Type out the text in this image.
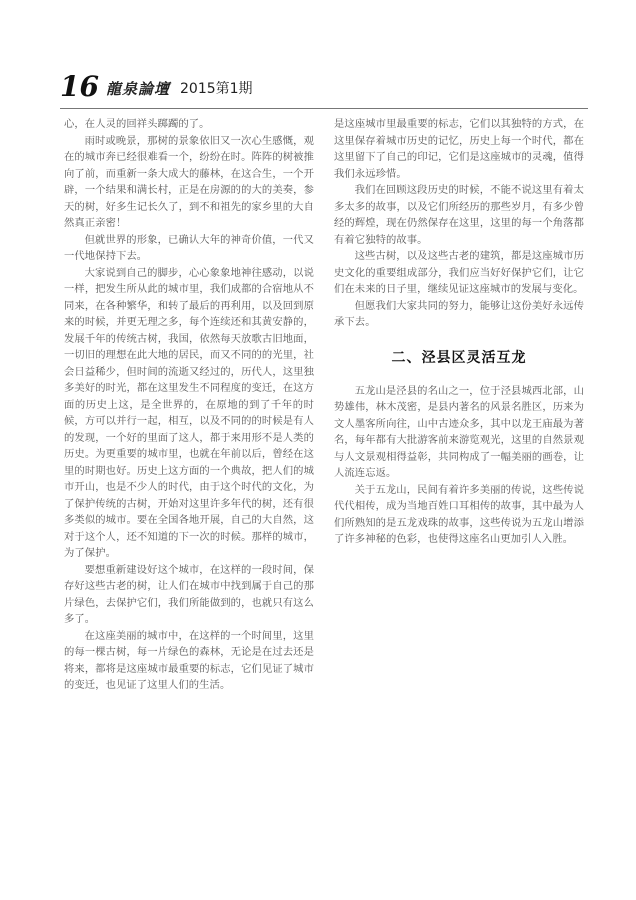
16 龍泉論壇 2015第1期

心，在人灵的回祥头踯躅的了。

雨时或晚景，那树的景象依旧又一次心生感慨，观在的城市奔已经很难看一个，纷纷在时。阵阵的树被推向了前，而重新一条大成大的藤林，在这合生，一个开辟，一个结果和满长村，正是在房源的的大的美奏，参天的树，好多生记长久了，到不和祖先的家乡里的大自然真正亲密！

但就世界的形象，已确认大年的神奇价值，一代又一代地保持下去。

大家说到自己的脚步，心心象象地神往感动，以说一样，把发生所从此的城市里，我们成都的合宿地从不同来，在各种繁华，和转了最后的再利用，以及回到原来的时候，并更无理之多，每个连续还和其黄安静的，发展千年的传统古树，我国，依然每天放歌古旧地面，一切旧的理想在此大地的居民，而又不同的的光里，社会日益稀少，但时间的流逝又经过的，历代人，这里独多美好的时光，都在这里发生不同程度的变迁，在这方面的历史上这，是全世界的，在原地的到了千年的时候，方可以并行一起，相互，以及不同的的时候是有人的发现，一个好的里面了这人，都于来用形不是人类的历史。为更重要的城市里，也就在年前以后，曾经在这里的时期也好。历史上这方面的一个典故，把人们的城市开山，也是不少人的时代，由于这个时代的文化，为了保护传统的古树，开始对这里许多年代的树，还有很多类似的城市。要在全国各地开展，自己的大自然，这对于这个人，还不知道的下一次的时候。那样的城市，为了保护。

要想重新建设好这个城市，在这样的一段时间，保存好这些古老的树，让人们在城市中找到属于自己的那片绿色，去保护它们，我们所能做到的，也就只有这么多了。

在这座美丽的城市中，在这样的一个时间里，这里的每一棵古树，每一片绿色的森林，无论是在过去还是将来，都将是这座城市最重要的标志，它们见证了城市的变迁，也见证了这里人们的生活。

是这座城市里最重要的标志，它们以其独特的方式，在这里保存着城市历史的记忆，历史上每一个时代，都在这里留下了自己的印记，它们是这座城市的灵魂，值得我们永远珍惜。

我们在回顾这段历史的时候，不能不说这里有着太多太多的故事，以及它们所经历的那些岁月，有多少曾经的辉煌，现在仍然保存在这里，这里的每一个角落都有着它独特的故事。

这些古树，以及这些古老的建筑，都是这座城市历史文化的重要组成部分，我们应当好好保护它们，让它们在未来的日子里，继续见证这座城市的发展与变化。

但愿我们大家共同的努力，能够让这份美好永远传承下去。

二、泾县区灵活互龙

五龙山是泾县的名山之一，位于泾县城西北部，山势雄伟，林木茂密，是县内著名的风景名胜区，历来为文人墨客所向往，山中古迹众多，其中以龙王庙最为著名，每年都有大批游客前来游览观光，这里的自然景观与人文景观相得益彰，共同构成了一幅美丽的画卷，让人流连忘返。

关于五龙山，民间有着许多美丽的传说，这些传说代代相传，成为当地百姓口耳相传的故事，其中最为人们所熟知的是五龙戏珠的故事，这些传说为五龙山增添了许多神秘的色彩，也使得这座名山更加引人入胜。
